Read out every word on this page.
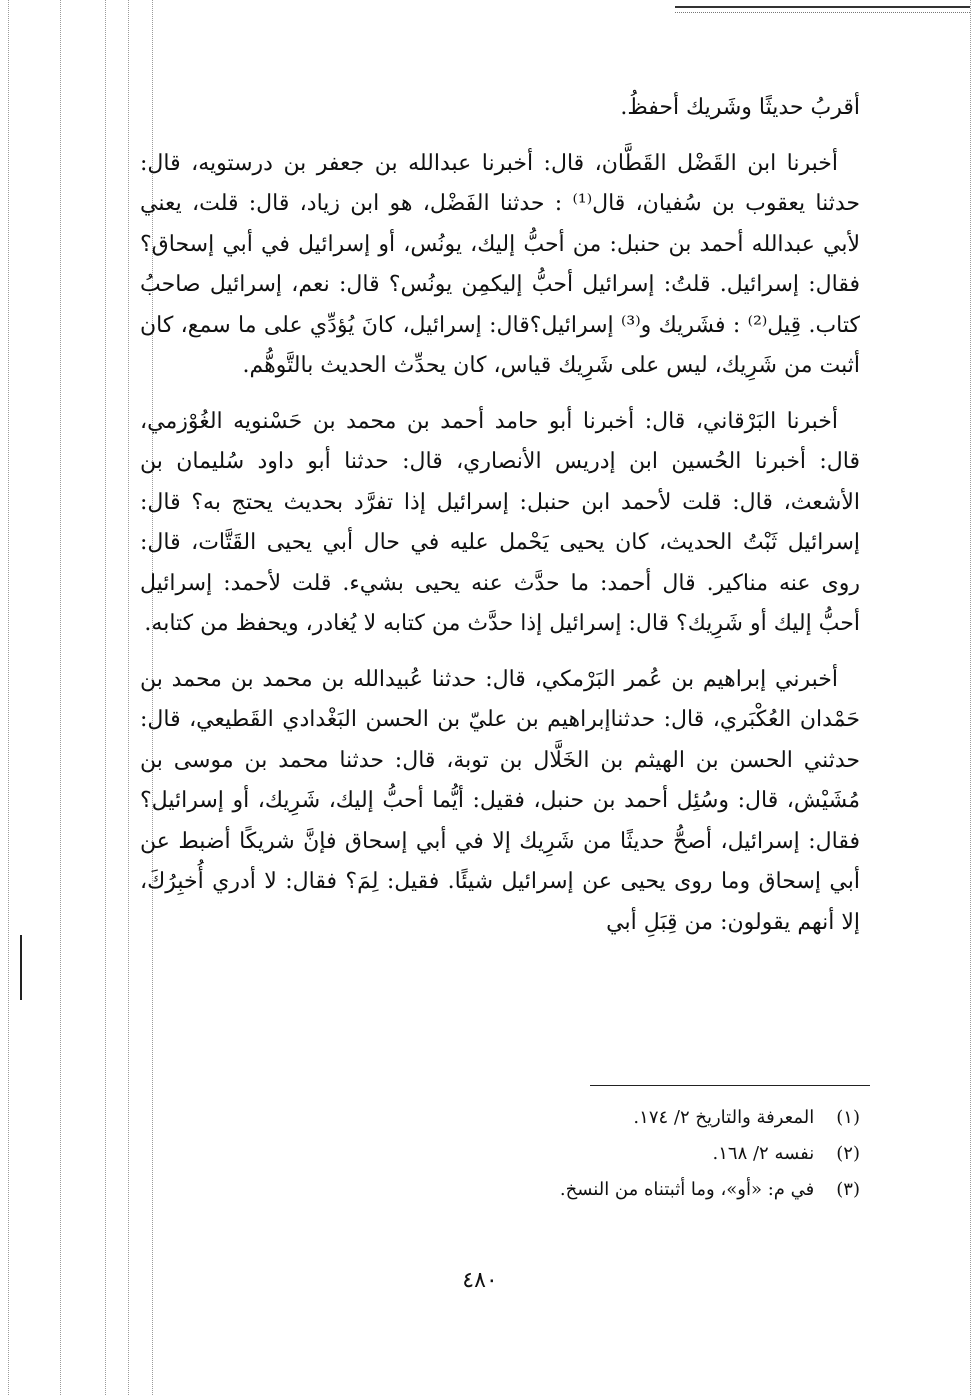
أقربُ حديثًا وشَريك أحفظُ.

أخبرنا ابن القَضْل القَطَّان، قال: أخبرنا عبدالله بن جعفر بن درستويه، قال: حدثنا يعقوب بن سُفيان، قال⁽¹⁾ : حدثنا الفَضْل، هو ابن زياد، قال: قلت، يعني لأبي عبدالله أحمد بن حنبل: من أحبُّ إليك، يونُس، أو إسرائيل في أبي إسحاق؟ فقال: إسرائيل. قلتُ: إسرائيل أحبُّ إليكمِن يونُس؟ قال: نعم، إسرائيل صاحبُ كتاب. قِيل⁽²⁾ : فشَريك و⁽³⁾ إسرائيل؟قال: إسرائيل، كانَ يُؤدِّي على ما سمع، كان أثبت من شَرِيك، ليس على شَرِيك قياس، كان يحدِّث الحديث بالتَّوهُّم.

أخبرنا البَرْقاني، قال: أخبرنا أبو حامد أحمد بن محمد بن حَسْنويه الغُوْزمي، قال: أخبرنا الحُسين ابن إدريس الأنصاري، قال: حدثنا أبو داود سُليمان بن الأشعث، قال: قلت لأحمد ابن حنبل: إسرائيل إذا تفرَّد بحديث يحتج به؟ قال: إسرائيل ثَبْتُ الحديث، كان يحيى يَحْمل عليه في حال أبي يحيى القَتَّات، قال: روى عنه مناكير. قال أحمد: ما حدَّث عنه يحيى بشيء. قلت لأحمد: إسرائيل أحبُّ إليك أو شَرِيك؟ قال: إسرائيل إذا حدَّث من كتابه لا يُغادر، ويحفظ من كتابه.

أخبرني إبراهيم بن عُمر البَرْمكي، قال: حدثنا عُبيدالله بن محمد بن محمد بن حَمْدان العُكْبَري، قال: حدثناإبراهيم بن عليّ بن الحسن البَغْدادي القَطيعي، قال: حدثني الحسن بن الهيثم بن الخَلَّال بن توبة، قال: حدثنا محمد بن موسى بن مُشَيْش، قال: وسُئِل أحمد بن حنبل، فقيل: أيُّما أحبُّ إليك، شَرِيك، أو إسرائيل؟ فقال: إسرائيل، أصحُّ حديثًا من شَرِيك إلا في أبي إسحاق فإنَّ شريكًا أضبط عن أبي إسحاق وما روى يحيى عن إسرائيل شيئًا. فقيل: لِمَ؟ فقال: لا أدري أُخبِرُكَ، إلا أنهم يقولون: من قِبَلِ أبي

(١) المعرفة والتاريخ ٢/ ١٧٤.

(٢) نفسه ٢/ ١٦٨.

(٣) في م: «أو»، وما أثبتناه من النسخ.

٤٨٠
